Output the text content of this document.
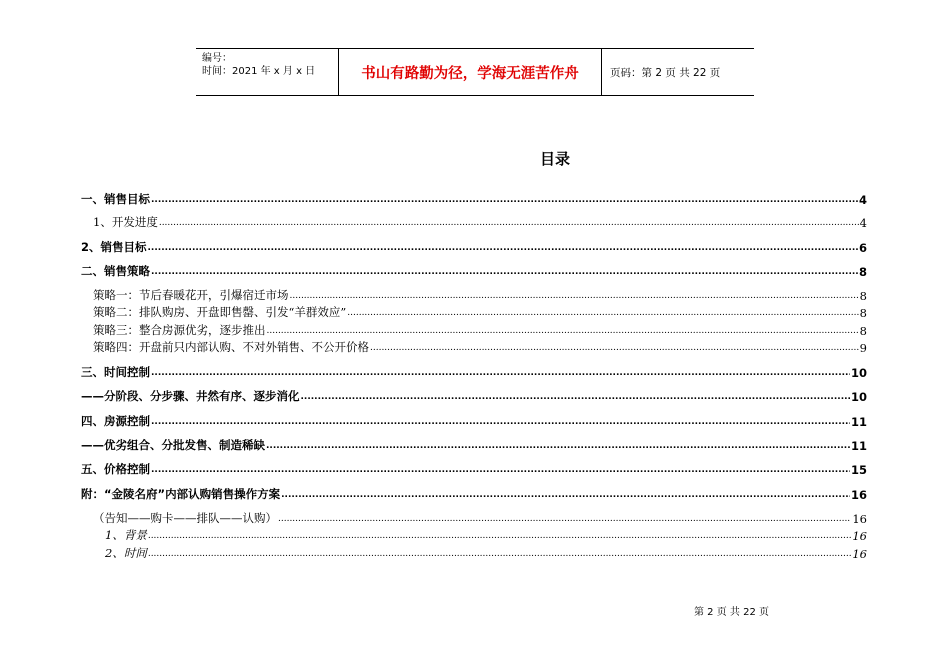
编号：
时间：2021 年 x 月 x 日	书山有路勤为径，学海无涯苦作舟	页码：第 2 页 共 22 页
目录
一、销售目标 .....	4
1、开发进度 .....	4
2、销售目标 .....	6
二、销售策略 .....	8
策略一：节后春暖花开，引爆宿迁市场 .....	8
策略二：排队购房、开盘即售罄、引发“羊群效应” .....	8
策略三：整合房源优劣，逐步推出 .....	8
策略四：开盘前只内部认购、不对外销售、不公开价格 .....	9
三、时间控制 .....	10
——分阶段、分步骤、井然有序、逐步消化 .....	10
四、房源控制 .....	11
——优劣组合、分批发售、制造稀缺 .....	11
五、价格控制 .....	15
附：“金陵名府”内部认购销售操作方案 .....	16
（告知——购卡——排队——认购） .....	16
1、背景 .....	16
2、时间 .....	16
第 2 页 共 22 页
